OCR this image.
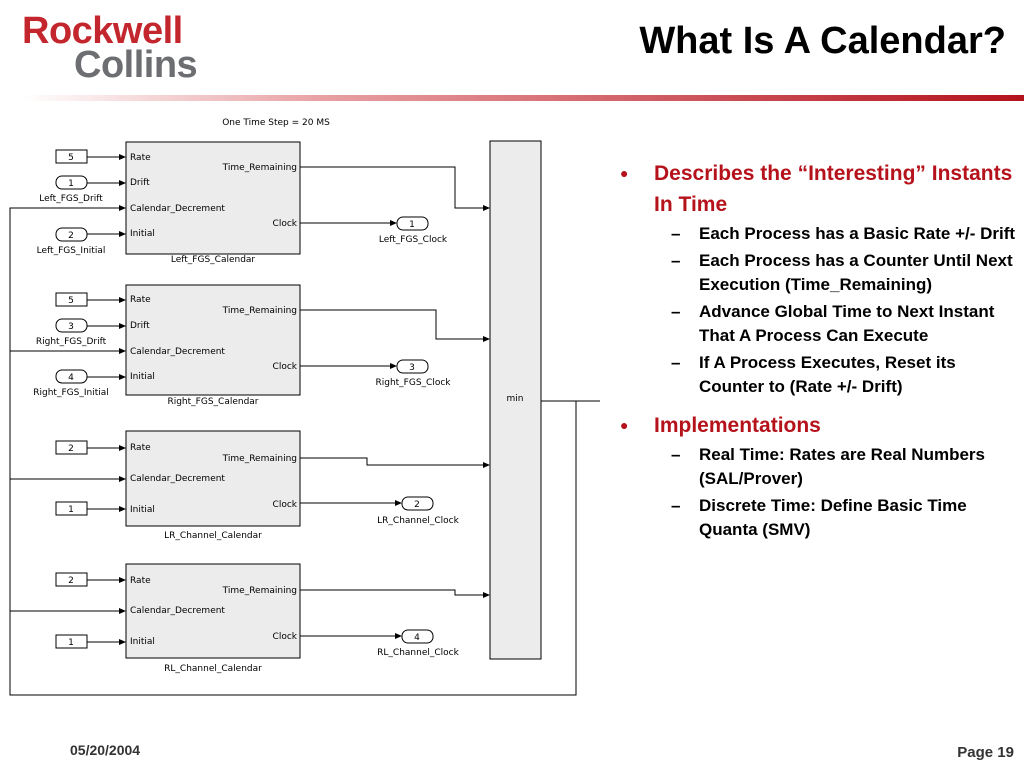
Rockwell
Collins
What Is A Calendar?
One Time Step = 20 MS
Rate
Drift
Calendar_Decrement
Initial
Time_Remaining
Clock
Left_FGS_Calendar
Rate
Drift
Calendar_Decrement
Initial
Time_Remaining
Clock
Right_FGS_Calendar
Rate
Calendar_Decrement
Initial
Time_Remaining
Clock
LR_Channel_Calendar
Rate
Calendar_Decrement
Initial
Time_Remaining
Clock
RL_Channel_Calendar
min
5
1
Left_FGS_Drift
2
Left_FGS_Initial
5
3
Right_FGS_Drift
4
Right_FGS_Initial
2
1
2
1
1
Left_FGS_Clock
3
Right_FGS_Clock
2
LR_Channel_Clock
4
RL_Channel_Clock
● Describes the “Interesting” Instants In Time
– Each Process has a Basic Rate +/- Drift
– Each Process has a Counter Until Next Execution (Time_Remaining)
– Advance Global Time to Next Instant That A Process Can Execute
– If A Process Executes, Reset its Counter to (Rate +/- Drift)
● Implementations
– Real Time: Rates are Real Numbers (SAL/Prover)
– Discrete Time: Define Basic Time Quanta (SMV)
05/20/2004	Page 19
